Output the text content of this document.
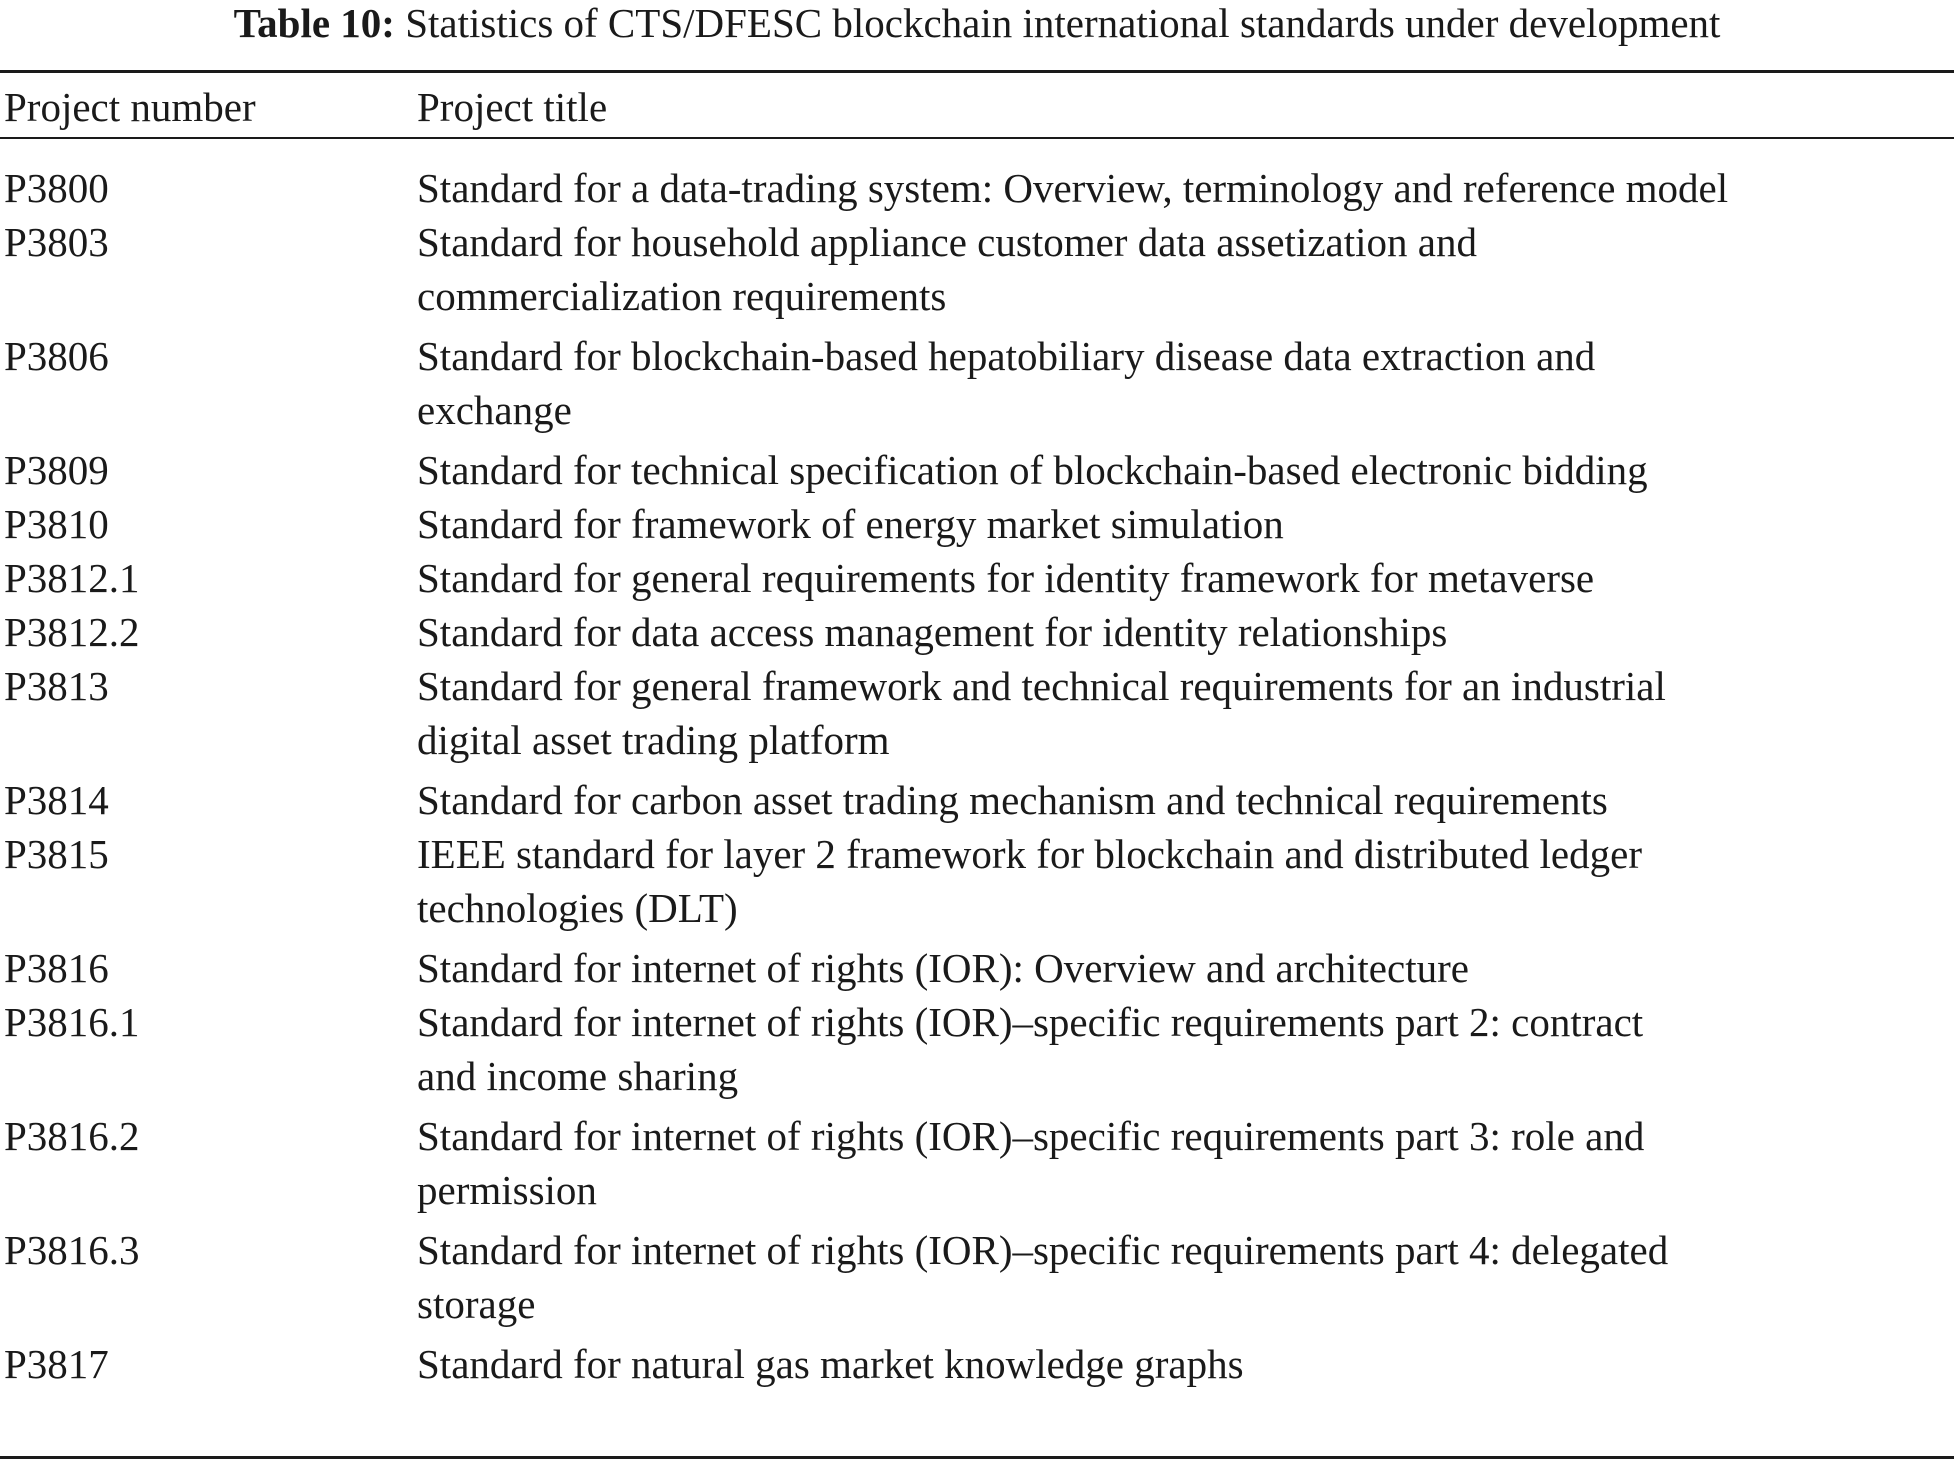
Table 10: Statistics of CTS/DFESC blockchain international standards under development
Project number	Project title
P3800	Standard for a data-trading system: Overview, terminology and reference model
P3803	Standard for household appliance customer data assetization and
commercialization requirements
P3806	Standard for blockchain-based hepatobiliary disease data extraction and
exchange
P3809	Standard for technical specification of blockchain-based electronic bidding
P3810	Standard for framework of energy market simulation
P3812.1	Standard for general requirements for identity framework for metaverse
P3812.2	Standard for data access management for identity relationships
P3813	Standard for general framework and technical requirements for an industrial
digital asset trading platform
P3814	Standard for carbon asset trading mechanism and technical requirements
P3815	IEEE standard for layer 2 framework for blockchain and distributed ledger
technologies (DLT)
P3816	Standard for internet of rights (IOR): Overview and architecture
P3816.1	Standard for internet of rights (IOR)–specific requirements part 2: contract
and income sharing
P3816.2	Standard for internet of rights (IOR)–specific requirements part 3: role and
permission
P3816.3	Standard for internet of rights (IOR)–specific requirements part 4: delegated
storage
P3817	Standard for natural gas market knowledge graphs
